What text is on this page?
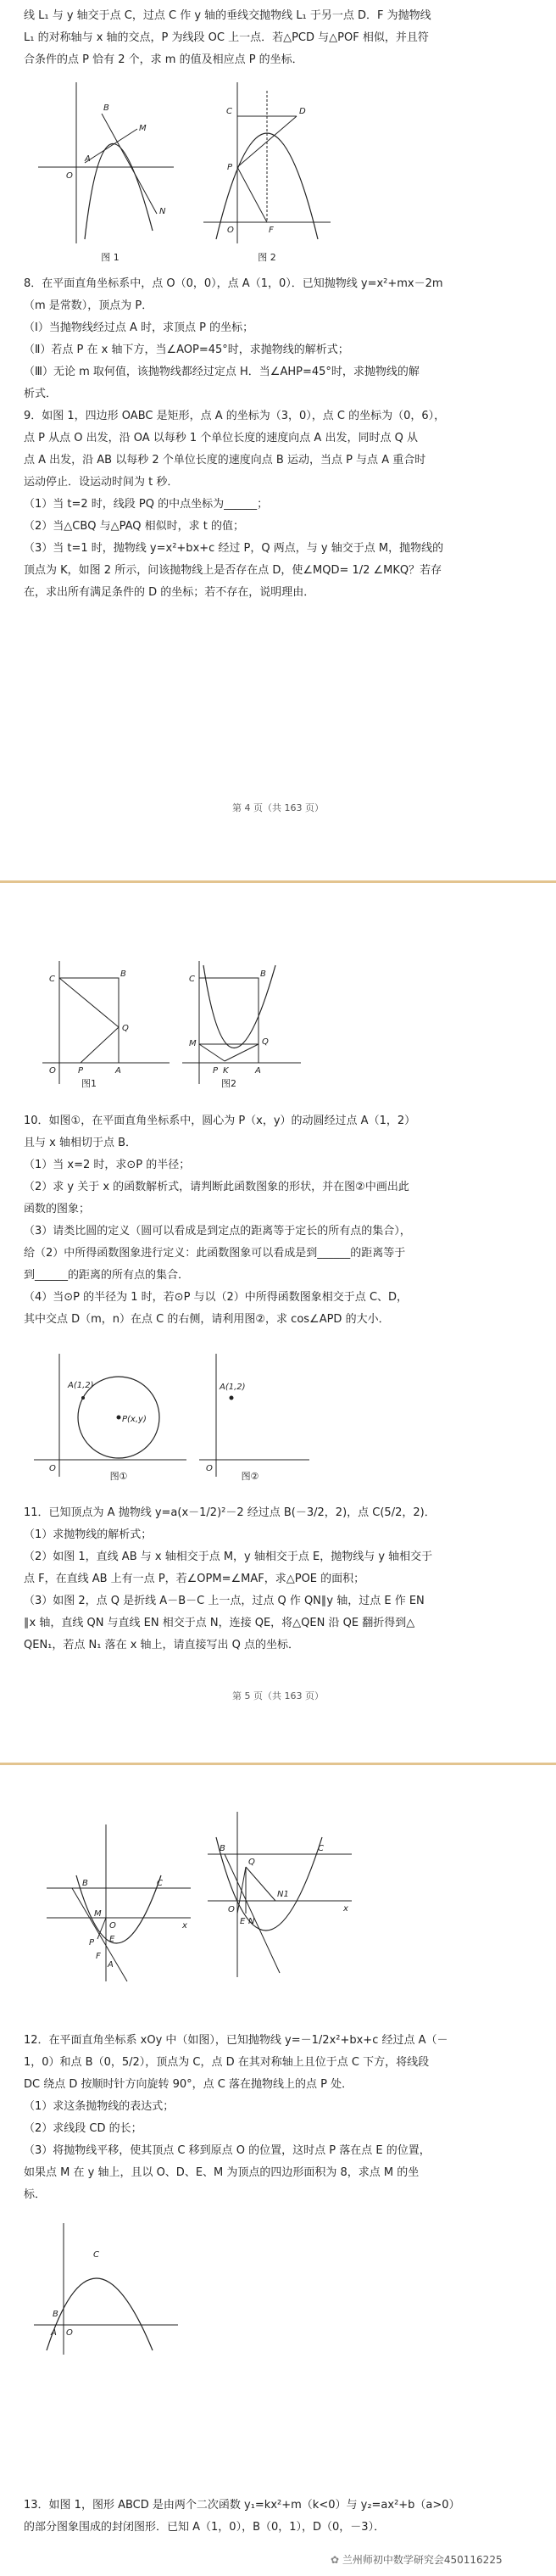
线 L₁ 与 y 轴交于点 C，过点 C 作 y 轴的垂线交抛物线 L₁ 于另一点 D．F 为抛物线

L₁ 的对称轴与 x 轴的交点，P 为线段 OC 上一点．若△PCD 与△POF 相似，并且符

合条件的点 P 恰有 2 个，求 m 的值及相应点 P 的坐标．

B
M
O
A
N
图 1
C	D
P
O	F
图 2

8．在平面直角坐标系中，点 O（0，0），点 A（1，0）．已知抛物线 y=x²+mx－2m

（m 是常数），顶点为 P．

（Ⅰ）当抛物线经过点 A 时，求顶点 P 的坐标；

（Ⅱ）若点 P 在 x 轴下方，当∠AOP=45°时，求抛物线的解析式；

（Ⅲ）无论 m 取何值，该抛物线都经过定点 H．当∠AHP=45°时，求抛物线的解

析式．

9．如图 1，四边形 OABC 是矩形，点 A 的坐标为（3，0），点 C 的坐标为（0，6），

点 P 从点 O 出发，沿 OA 以每秒 1 个单位长度的速度向点 A 出发，同时点 Q 从

点 A 出发，沿 AB 以每秒 2 个单位长度的速度向点 B 运动，当点 P 与点 A 重合时

运动停止．设运动时间为 t 秒．

（1）当 t=2 时，线段 PQ 的中点坐标为______；

（2）当△CBQ 与△PAQ 相似时，求 t 的值；

（3）当 t=1 时，抛物线 y=x²+bx+c 经过 P，Q 两点，与 y 轴交于点 M，抛物线的

顶点为 K，如图 2 所示，问该抛物线上是否存在点 D，使∠MQD= 1/2 ∠MKQ？若存

在，求出所有满足条件的 D 的坐标；若不存在，说明理由．

第 4 页（共 163 页）
C
B
Q
O	P	A
图1
C
B
M	Q
P K	A
图2

10．如图①，在平面直角坐标系中，圆心为 P（x，y）的动圆经过点 A（1，2）

且与 x 轴相切于点 B．

（1）当 x=2 时，求⊙P 的半径；

（2）求 y 关于 x 的函数解析式，请判断此函数图象的形状，并在图②中画出此

函数的图象；

（3）请类比圆的定义（圆可以看成是到定点的距离等于定长的所有点的集合），

给（2）中所得函数图象进行定义：此函数图象可以看成是到______的距离等于

到______的距离的所有点的集合．

（4）当⊙P 的半径为 1 时，若⊙P 与以（2）中所得函数图象相交于点 C、D，

其中交点 D（m，n）在点 C 的右侧，请利用图②，求 cos∠APD 的大小．

A(1,2)
P(x,y)
O
图①
A(1,2)
O
图②

11．已知顶点为 A 抛物线 y=a(x－1/2)²－2 经过点 B(－3/2，2)，点 C(5/2，2)．

（1）求抛物线的解析式；

（2）如图 1，直线 AB 与 x 轴相交于点 M，y 轴相交于点 E，抛物线与 y 轴相交于

点 F，在直线 AB 上有一点 P，若∠OPM=∠MAF，求△POE 的面积；

（3）如图 2，点 Q 是折线 A－B－C 上一点，过点 Q 作 QN∥y 轴，过点 E 作 EN

∥x 轴，直线 QN 与直线 EN 相交于点 N，连接 QE，将△QEN 沿 QE 翻折得到△

QEN₁，若点 N₁ 落在 x 轴上，请直接写出 Q 点的坐标．

第 5 页（共 163 页）
B	C
M
O
E
P
F
A
x
B
Q
N1
O
E N
C
x

12．在平面直角坐标系 xOy 中（如图），已知抛物线 y=－1/2x²+bx+c 经过点 A（－

1，0）和点 B（0，5/2），顶点为 C，点 D 在其对称轴上且位于点 C 下方，将线段

DC 绕点 D 按顺时针方向旋转 90°，点 C 落在抛物线上的点 P 处．

（1）求这条抛物线的表达式；

（2）求线段 CD 的长；

（3）将抛物线平移，使其顶点 C 移到原点 O 的位置，这时点 P 落在点 E 的位置，

如果点 M 在 y 轴上，且以 O、D、E、M 为顶点的四边形面积为 8，求点 M 的坐

标．

C
B
A O

13．如图 1，图形 ABCD 是由两个二次函数 y₁=kx²+m（k<0）与 y₂=ax²+b（a>0）

的部分图象围成的封闭图形．已知 A（1，0），B（0，1），D（0，－3）．

✿ 兰州师初中数学研究会450116225
